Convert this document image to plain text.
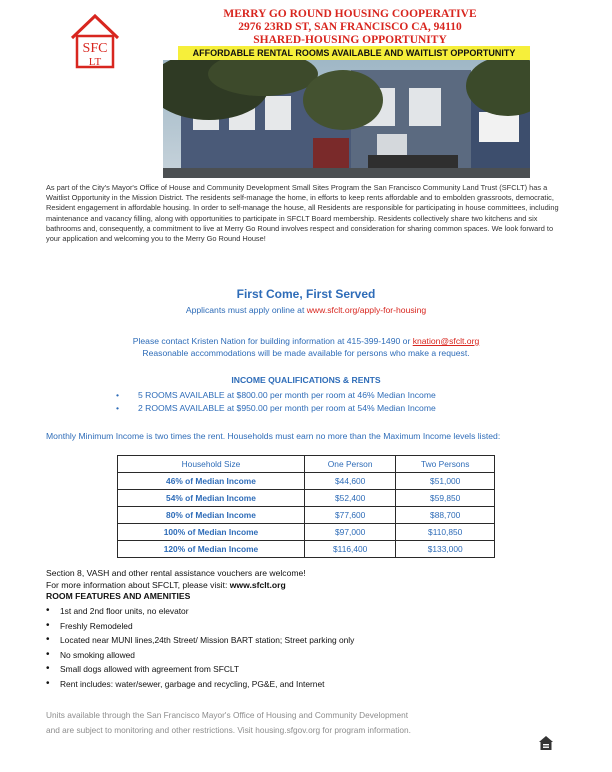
SFC
LT
MERRY GO ROUND HOUSING COOPERATIVE
2976 23RD ST, SAN FRANCISCO CA, 94110
SHARED-HOUSING OPPORTUNITY
AFFORDABLE RENTAL ROOMS AVAILABLE AND WAITLIST OPPORTUNITY
As part of the City's Mayor's Office of House and Community Development Small Sites Program the San Francisco Community Land Trust (SFCLT) has a Waitlist Opportunity in the Mission District. The residents self-manage the home, in efforts to keep rents affordable and to embolden grassroots, democratic, Resident engagement in affordable housing. In order to self-manage the house, all Residents are responsible for participating in house committees, including maintenance and vacancy filling, along with opportunities to participate in SFCLT Board membership. Residents collectively share two kitchens and six bathrooms and, consequently, a commitment to live at Merry Go Round involves respect and consideration for sharing common spaces. We look forward to your application and welcoming you to the Merry Go Round House!
First Come, First Served
Applicants must apply online at www.sfclt.org/apply-for-housing
Please contact Kristen Nation for building information at 415-399-1490 or knation@sfclt.org
Reasonable accommodations will be made available for persons who make a request.
INCOME QUALIFICATIONS & RENTS
• 5 ROOMS AVAILABLE at $800.00 per month per room at 46% Median Income
• 2 ROOMS AVAILABLE at $950.00 per month per room at 54% Median Income
Monthly Minimum Income is two times the rent. Households must earn no more than the Maximum Income levels listed:
Household Size	One Person	Two Persons
46% of Median Income	$44,600	$51,000
54% of Median Income	$52,400	$59,850
80% of Median Income	$77,600	$88,700
100% of Median Income	$97,000	$110,850
120% of Median Income	$116,400	$133,000
Section 8, VASH and other rental assistance vouchers are welcome!
For more information about SFCLT, please visit: www.sfclt.org
ROOM FEATURES AND AMENITIES
• 1st and 2nd floor units, no elevator
• Freshly Remodeled
• Located near MUNI lines,24th Street/ Mission BART station; Street parking only
• No smoking allowed
• Small dogs allowed with agreement from SFCLT
• Rent includes: water/sewer, garbage and recycling, PG&E, and Internet
Units available through the San Francisco Mayor's Office of Housing and Community Development
and are subject to monitoring and other restrictions. Visit housing.sfgov.org for program information.
